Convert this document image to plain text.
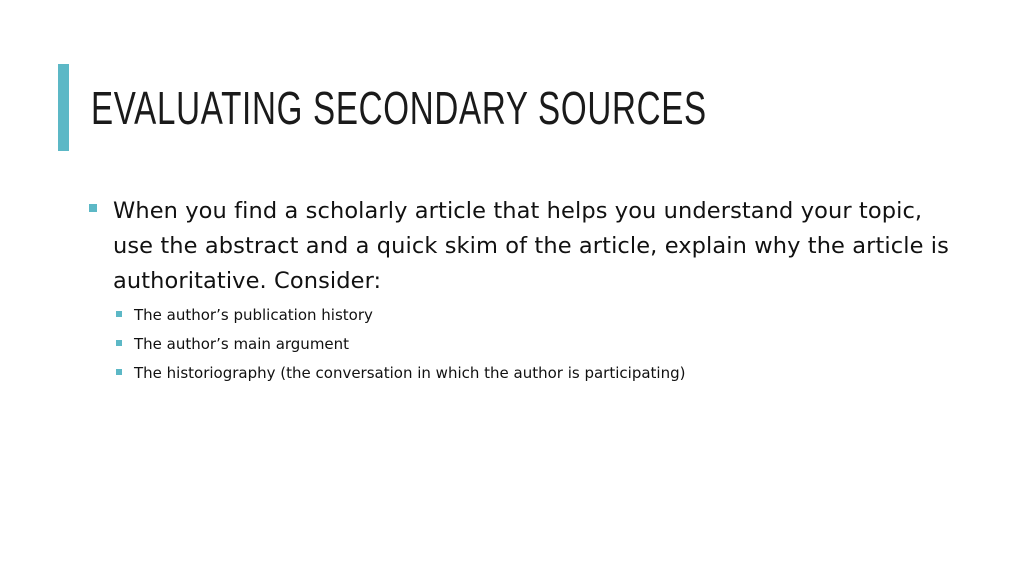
EVALUATING SECONDARY SOURCES
When you find a scholarly article that helps you understand your topic, use the abstract and a quick skim of the article, explain why the article is authoritative. Consider:
The author’s publication history
The author’s main argument
The historiography (the conversation in which the author is participating)
